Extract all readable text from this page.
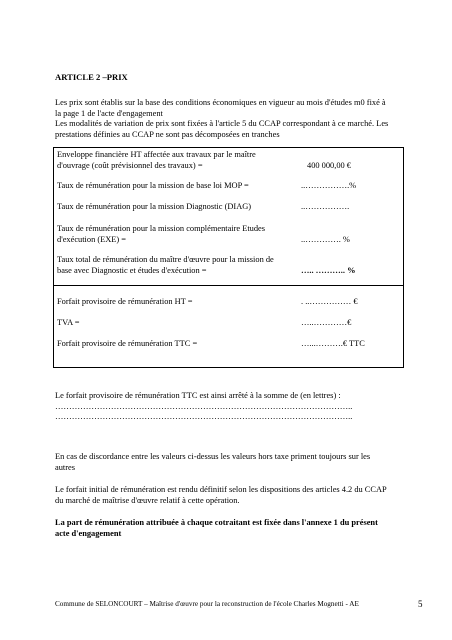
ARTICLE 2 –PRIX
Les prix sont établis sur la base des conditions économiques en vigueur au mois d'études m0 fixé à
la page 1 de l'acte d'engagement
Les modalités de variation de prix sont fixées à l'article 5 du CCAP correspondant à ce marché. Les
prestations définies au CCAP ne sont pas décomposées en tranches
Enveloppe financière HT affectée aux travaux par le maître
d'ouvrage (coût prévisionnel des travaux) =	400 000,00 €
Taux de rémunération pour la mission de base loi MOP =	..…………….%
Taux de rémunération pour la mission Diagnostic (DIAG)	..…………….
Taux de rémunération pour la mission complémentaire Etudes
d'exécution (EXE) =	..…………. %
Taux total de rémunération du maître d'œuvre pour la mission de
base avec Diagnostic et études d'exécution =	….. ……….. %
Forfait provisoire de rémunération HT =	. ..…………… €
TVA =	…..…………€
Forfait provisoire de rémunération TTC =	…...……….€ TTC
Le forfait provisoire de rémunération TTC est ainsi arrêté à la somme de (en lettres) :
……………………………………………………………………………………………..
……………………………………………………………………………………………..
En cas de discordance entre les valeurs ci-dessus les valeurs hors taxe priment toujours sur les
autres
Le forfait initial de rémunération est rendu définitif selon les dispositions des articles 4.2 du CCAP
du marché de maîtrise d'œuvre relatif à cette opération.
La part de rémunération attribuée à chaque cotraitant est fixée dans l'annexe 1 du présent
acte d'engagement
Commune de SELONCOURT – Maîtrise d'œuvre pour la reconstruction de l'école Charles Mognetti - AE	5
